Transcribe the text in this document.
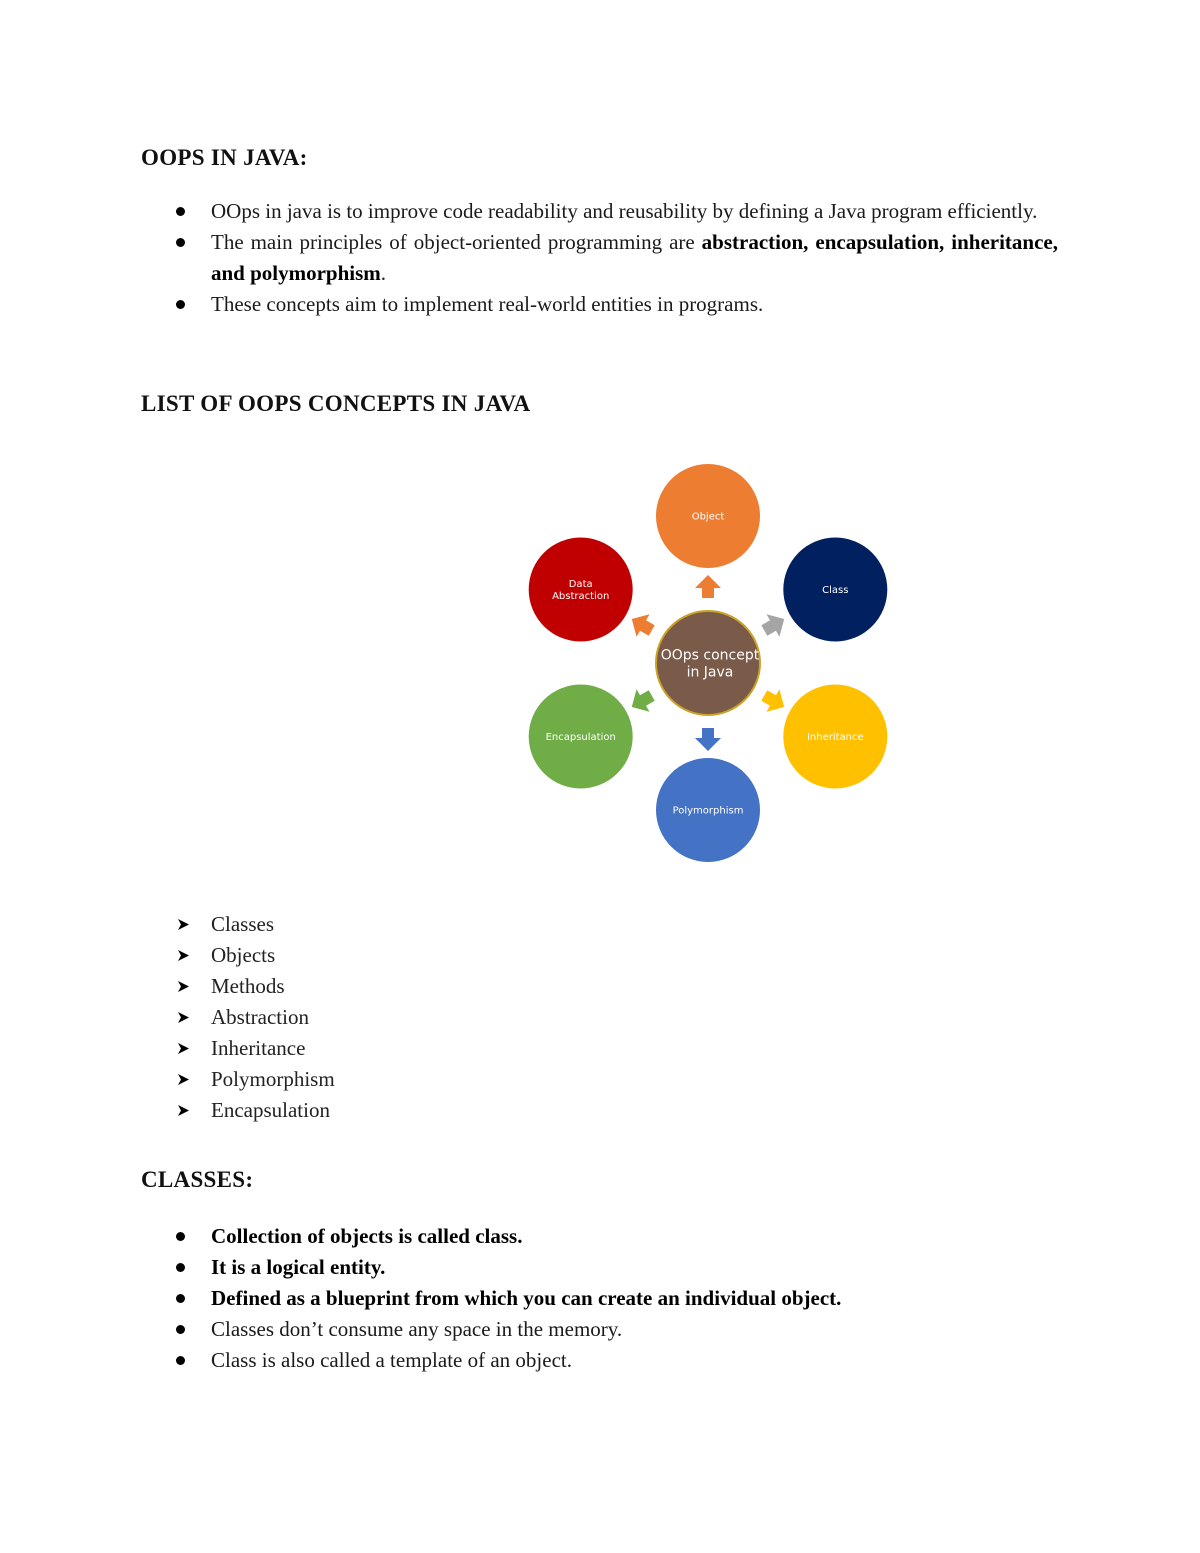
OOPS IN JAVA:
OOps in java is to improve code readability and reusability by defining a Java program efficiently.
The main principles of object-oriented programming are abstraction, encapsulation, inheritance, and polymorphism.
These concepts aim to implement real-world entities in programs.
LIST OF OOPS CONCEPTS IN JAVA
Object
Class
Inheritance
Polymorphism
Encapsulation
Data Abstraction
OOps concept in Java
Classes
Objects
Methods
Abstraction
Inheritance
Polymorphism
Encapsulation
CLASSES:
Collection of objects is called class.
It is a logical entity.
Defined as a blueprint from which you can create an individual object.
Classes don’t consume any space in the memory.
Class is also called a template of an object.
